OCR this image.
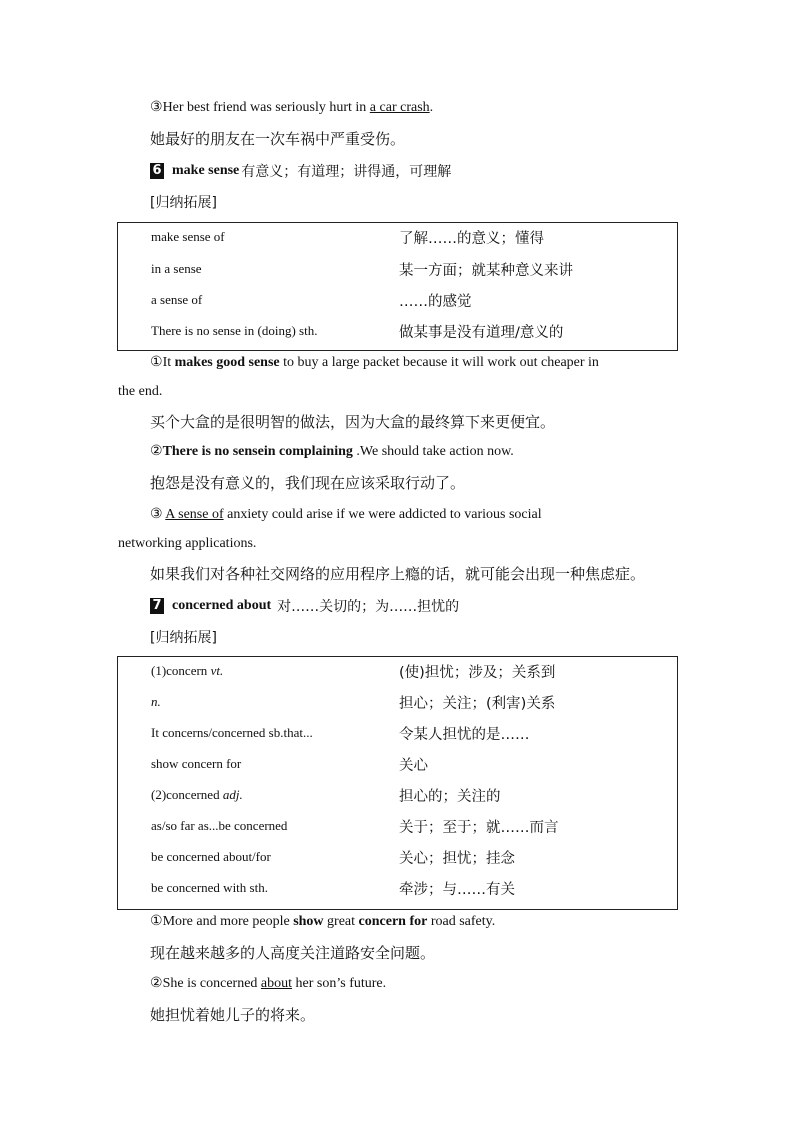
③Her best friend was seriously hurt in a car crash.
她最好的朋友在一次车祸中严重受伤。
6 make sense 有意义；有道理；讲得通，可理解
[归纳拓展]
make sense of	了解……的意义；懂得
in a sense	某一方面；就某种意义来讲
a sense of	……的感觉
There is no sense in (doing) sth.	做某事是没有道理/意义的
①It makes good sense to buy a large packet because it will work out cheaper in
the end.
买个大盒的是很明智的做法，因为大盒的最终算下来更便宜。
②There is no sensein complaining .We should take action now.
抱怨是没有意义的，我们现在应该采取行动了。
③ A sense of anxiety could arise if we were addicted to various social
networking applications.
如果我们对各种社交网络的应用程序上瘾的话，就可能会出现一种焦虑症。
7 concerned about 对……关切的；为……担忧的
[归纳拓展]
(1)concern vt.	(使)担忧；涉及；关系到
n.	担心；关注；(利害)关系
It concerns/concerned sb.that...	令某人担忧的是……
show concern for	关心
(2)concerned adj.	担心的；关注的
as/so far as...be concerned	关于；至于；就……而言
be concerned about/for	关心；担忧；挂念
be concerned with sth.	牵涉；与……有关
①More and more people show great concern for road safety.
现在越来越多的人高度关注道路安全问题。
②She is concerned about her son’s future.
她担忧着她儿子的将来。
